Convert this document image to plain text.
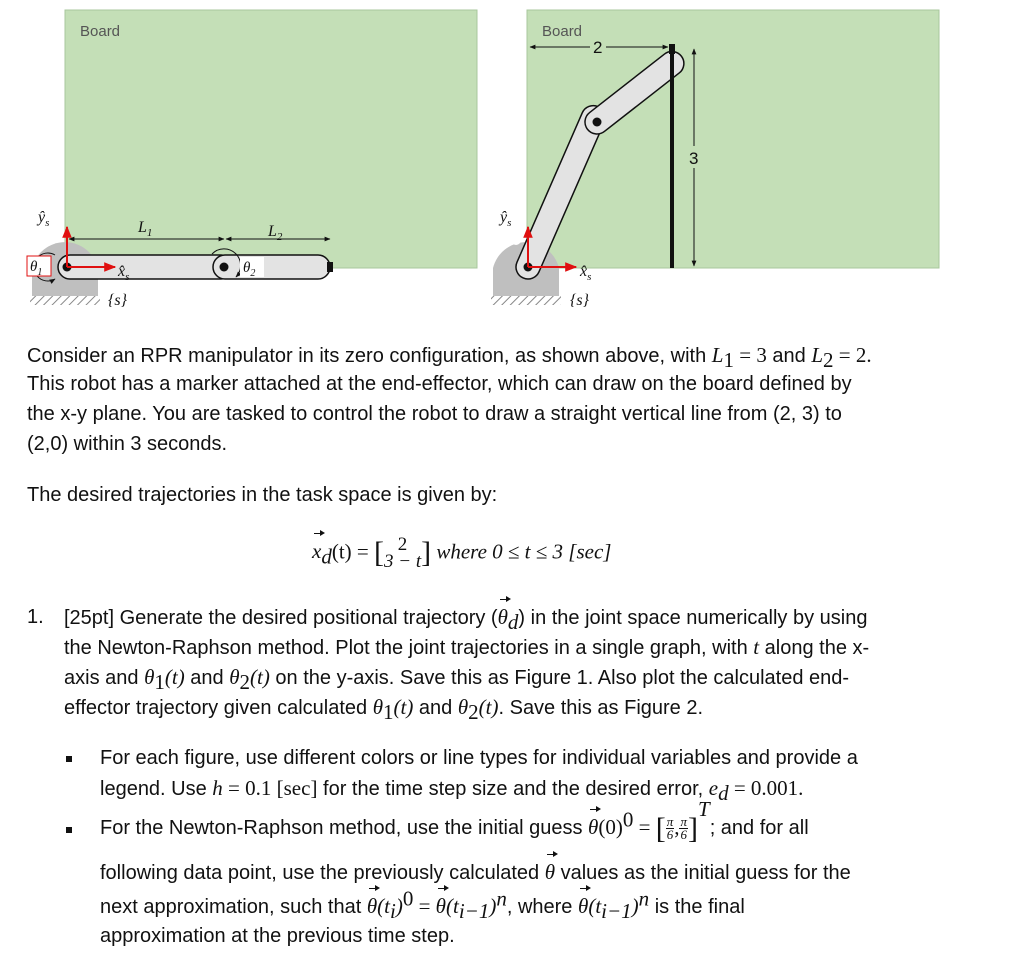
Board
$ŷ_s$
$x̂_s$
{s}
$L_1$	$L_2$
$\theta_1$	$\theta_2$
Board
2
3
$ŷ_s$
$x̂_s$
{s}
Consider an RPR manipulator in its zero configuration, as shown above, with $L_1 = 3$ and $L_2 = 2$.
This robot has a marker attached at the end-effector, which can draw on the board defined by
the x-y plane. You are tasked to control the robot to draw a straight vertical line from (2, 3) to
(2,0) within 3 seconds.
The desired trajectories in the task space is given by:
$x_d(t)$ = [ 2
3 − t ] where 0 ≤ t ≤ 3 [sec]
1. [25pt] Generate the desired positional trajectory $(\theta_d)$ in the joint space numerically by using
the Newton-Raphson method. Plot the joint trajectories in a single graph, with t along the x-
axis and $\theta_1(t)$ and $\theta_2(t)$ on the y-axis. Save this as Figure 1. Also plot the calculated end-
effector trajectory given calculated $\theta_1(t)$ and $\theta_2(t)$. Save this as Figure 2.
For each figure, use different colors or line types for individual variables and provide a
legend. Use h = 0.1 [sec] for the time step size and the desired error, $e_d = 0.001$.
For the Newton-Raphson method, use the initial guess $\theta(0)^0$ = [ $\frac{\pi}{6}$ , $\frac{\pi}{6} ]^T$; and for all
following data point, use the previously calculated θ values as the initial guess for the
next approximation, such that $\theta(t_i)^0 = \theta(t_{i-1})^n$, where $\theta(t_{i-1})^n$ is the final
approximation at the previous time step.
